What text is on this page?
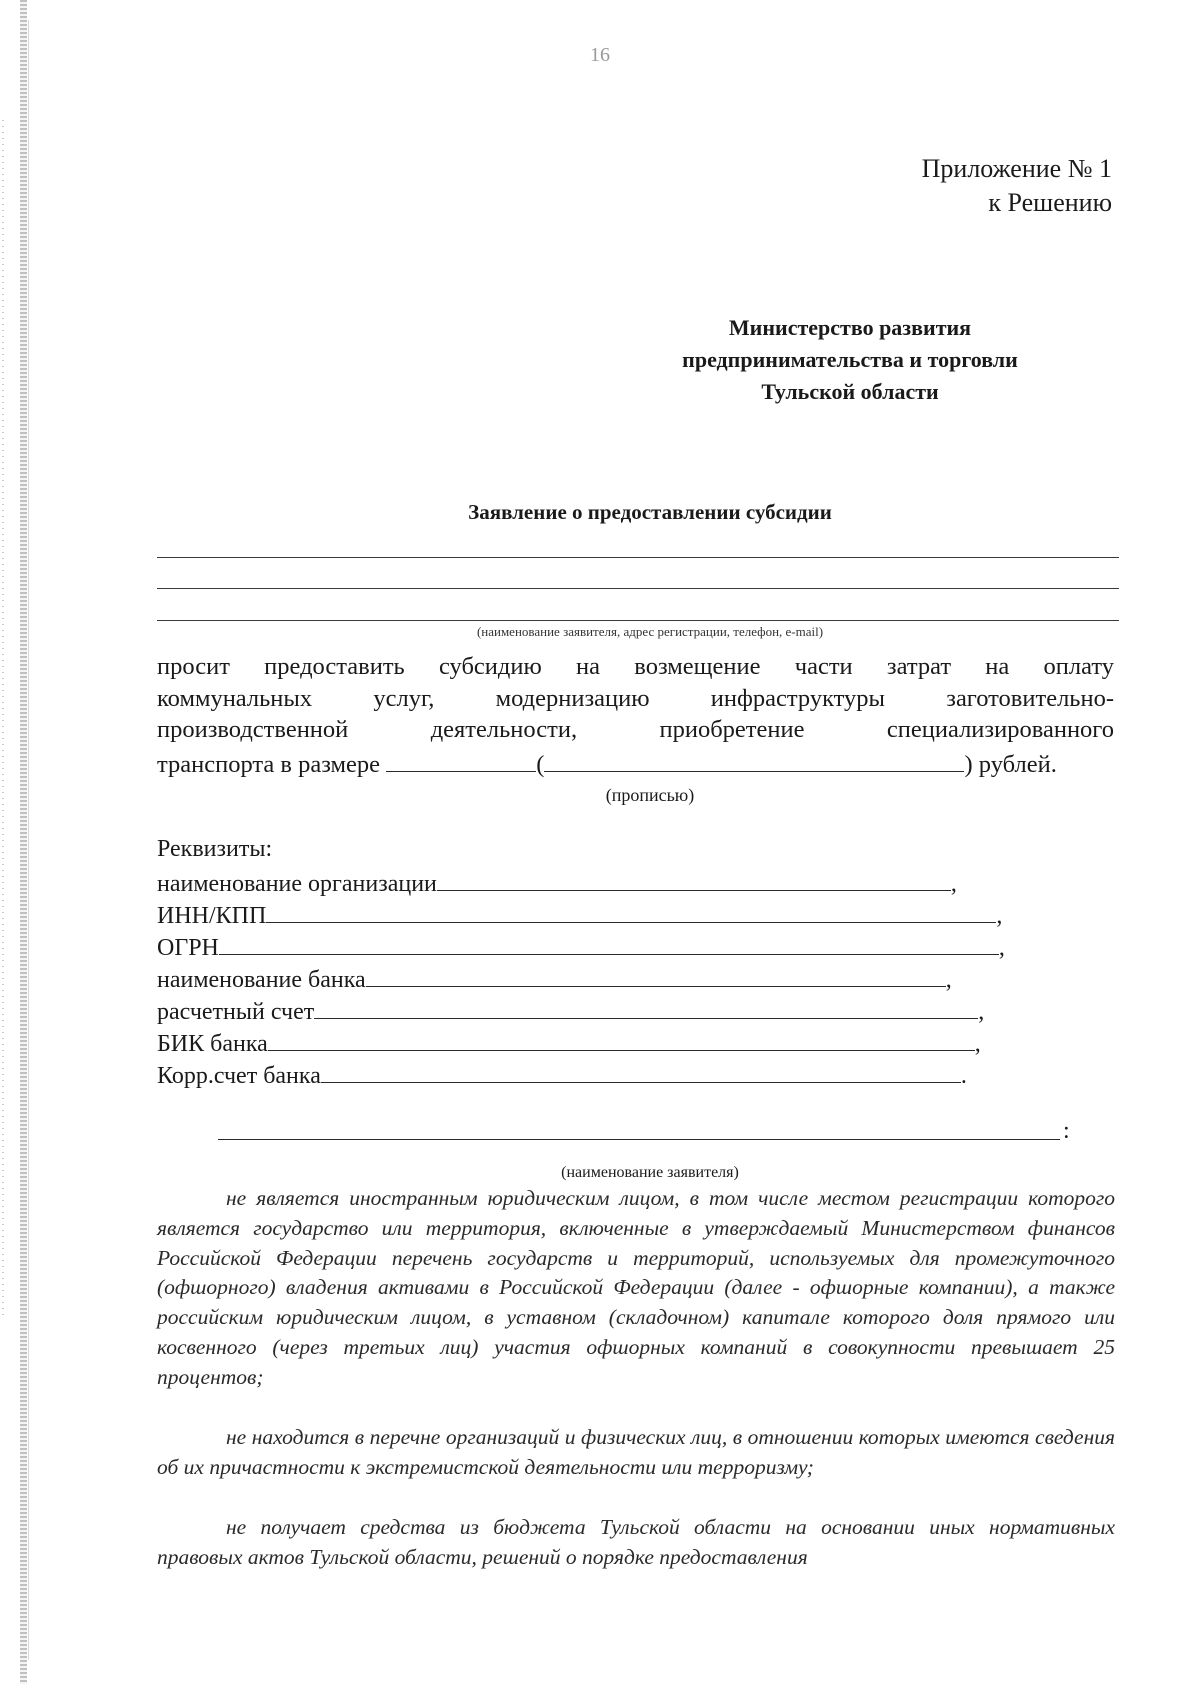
16
Приложение № 1
к Решению
Министерство развития
предпринимательства и торговли
Тульской области
Заявление о предоставлении субсидии
(наименование заявителя, адрес регистрации, телефон, e-mail)
просит предоставить субсидию на возмещение части затрат на оплату
коммунальных услуг, модернизацию инфраструктуры заготовительно-
производственной деятельности, приобретение специализированного
транспорта в размере	(	) рублей.
(прописью)
Реквизиты:
наименование организации	,
ИНН/КПП	,
ОГРН	,
наименование банка	,
расчетный счет	,
БИК банка	,
Корр.счет банка	.
:
(наименование заявителя)

не является иностранным юридическим лицом, в том числе местом регистрации которого является государство или территория, включенные в утверждаемый Министерством финансов Российской Федерации перечень государств и территорий, используемых для промежуточного (офшорного) владения активами в Российской Федерации (далее - офшорные компании), а также российским юридическим лицом, в уставном (складочном) капитале которого доля прямого или косвенного (через третьих лиц) участия офшорных компаний в совокупности превышает 25 процентов;

не находится в перечне организаций и физических лиц, в отношении которых имеются сведения об их причастности к экстремистской деятельности или терроризму;

не получает средства из бюджета Тульской области на основании иных нормативных правовых актов Тульской области, решений о порядке предоставления
